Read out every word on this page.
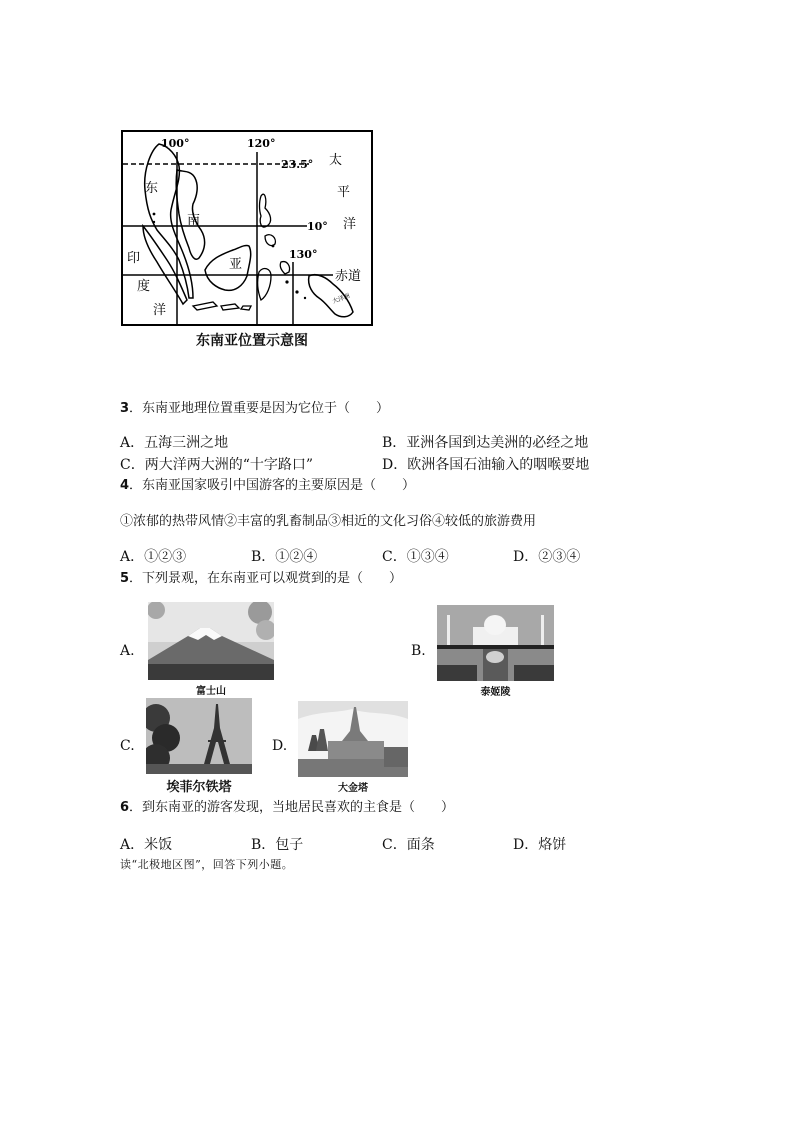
100°	120°
130°
23.5°
10°
赤道
东
南
亚
太
平
洋
印
度
洋
大洋洲
东南亚位置示意图
3．东南亚地理位置重要是因为它位于（　　）
A．五海三洲之地	B．亚洲各国到达美洲的必经之地
C．两大洋两大洲的“十字路口”	D．欧洲各国石油输入的咽喉要地
4．东南亚国家吸引中国游客的主要原因是（　　）
①浓郁的热带风情②丰富的乳畜制品③相近的文化习俗④较低的旅游费用
A．①②③	B．①②④	C．①③④	D．②③④
5．下列景观，在东南亚可以观赏到的是（　　）
A.
富士山
B.
泰姬陵
C.
埃菲尔铁塔
D.
大金塔
6．到东南亚的游客发现，当地居民喜欢的主食是（　　）
A．米饭	B．包子	C．面条	D．烙饼
读“北极地区图”，回答下列小题。
